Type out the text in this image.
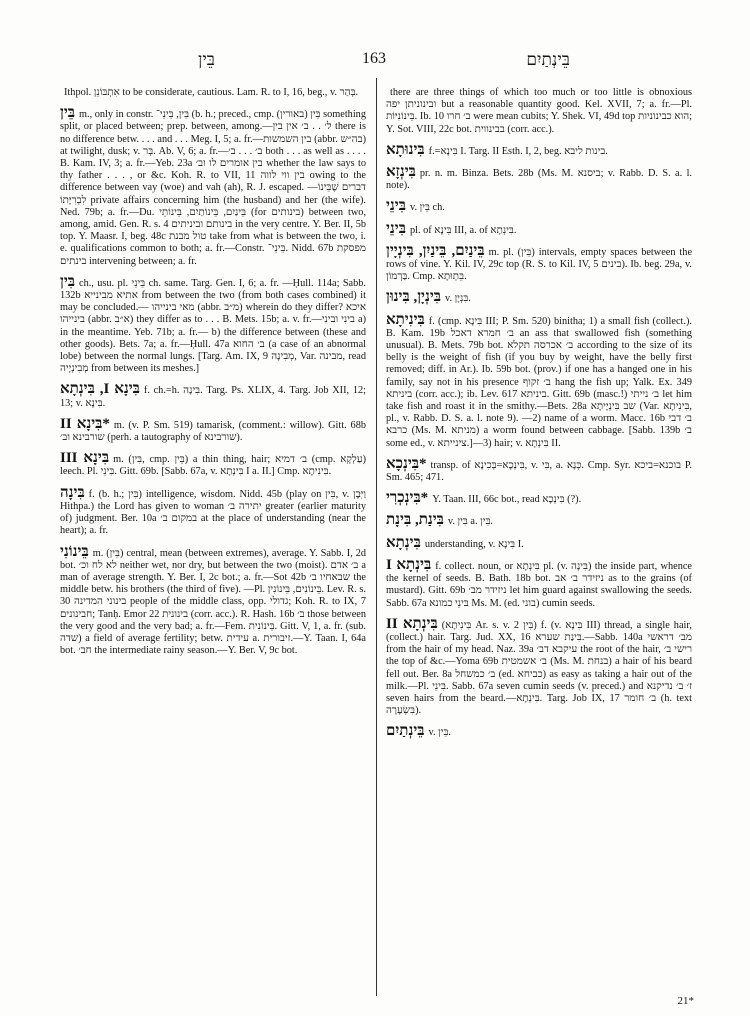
בֵּין	163	בֵּינְתַיִם

Ithpol. אִתְבּוֹנֵן to be considerate, cautious. Lam. R. to I, 16, beg., v. בְּהַר.

בֵּין m., only in constr. בֵּין, בֵּינֵי־ (b. h.; preced., cmp. בֵּין (באורין) something split, or placed between; prep. between, among.—ל׳ . . ב׳ אין בין there is no difference betw. . . . and . . . Meg. I, 5; a. fr.—בין השמשות (abbr. בה״ש) at twilight, dusk; v. בְּר. Ab. V, 6; a. fr.—ב׳ . . . ב׳ both . . . as well as . . . . B. Kam. IV, 3; a. fr.—Yeb. 23a בין אומרים לו וב׳ whether the law says to thy father . . . , or &c. Koh. R. to VII, 11 בין ווי לווה owing to the difference between vay (woe) and vah (ah), R. J. escaped. —דברים שֶׁבֵּינוֹ לִבְרִיָּתוֹ private affairs concerning him (the husband) and her (the wife). Ned. 79b; a. fr.—Du. בֵּינַיִם, בֵּינוֹתַיִם, בֵּינוֹתֵי (for בינותים) between two, among, amid. Gen. R. s. 4 בינותם וביניתים in the very centre. Y. Ber. II, 5b top. Y. Maasr. I, beg. 48c טול מבנת take from what is between the two, i. e. qualifications common to both; a. fr.—Constr. בֵּינֵי־. Nidd. 67b מפסקת בינתים intervening between; a. fr.

בִּין ch., usu. pl. בֵּינֵי ch. same. Targ. Gen. I, 6; a. fr. —Ḥull. 114a; Sabb. 132b אתיא מבינייא from between the two (from both cases combined) it may be concluded.— מאי בינייהו (abbr. מ״ב) wherein do they differ? איכא בינייהו (abbr. א״ב) they differ as to . . . B. Mets. 15b; a. v. fr.—בינִי ובינִי a) in the meantime. Yeb. 71b; a. fr.— b) the difference between (these and other goods). Bets. 7a; a. fr.—Ḥull. 47a ב׳ החוא (a case of an abnormal lobe) between the normal lungs. [Targ. Am. IX, 9 מְבִינָה, Var. מבינה, read מְבִינְיָיה from between its meshes.]

בִּינָא I, בִּינְתָא f. ch.=h. בִּינָה. Targ. Ps. XLIX, 4. Targ. Job XII, 12; 13; v. בִּינָא.

*בִּינָא II m. (v. P. Sm. 519) tamarisk, (comment.: willow). Gitt. 68b שורבינא וב׳ (perh. a tautography of שורבינא).

בִּינָא III m. (בִּין, cmp. בֵּין) a thin thing, hair; ב׳ דמיא (cmp. עַלְקָא) leech. Pl. בִּינֵי. Gitt. 69b. [Sabb. 67a, v. בִּינְתָא I a. II.] Cmp. בִּינִיתָא.

בִּינָה f. (b. h.; בִּין) intelligence, wisdom. Nidd. 45b (play on בִּין, v. וַיִּבֶן Hithpa.) the Lord has given to woman יתירה ב׳ greater (earlier maturity of) judgment. Ber. 10a במקום ב׳ at the place of understanding (near the heart); a. fr.

בֵּינוֹנִי m. (בֵּין) central, mean (between extremes), average. Y. Sabb. I, 2d bot. לא לח וכ׳ neither wet, nor dry, but between the two (moist). ב׳ אדם a man of average strength. Y. Ber. I, 2c bot.; a. fr.—Sot 42b שבאחיו ב׳ the middle betw. his brothers (the third of five). —Pl. בֵּינוֹנִים, בֵּינוֹנִין. Lev. R. s. 30 בינוני המדינה people of the middle class, opp. גדולי; Koh. R. to IX, 7 חבינונים; Tanḥ. Emor 22 בינונית (corr. acc.). R. Hash. 16b ב׳ those between the very good and the very bad; a. fr.—Fem. בֵּינוֹנִית. Gitt. V, 1, a. fr. (sub. שדה) a field of average fertility; betw. עידית a. זיבורית.—Y. Taan. I, 64a bot. חב׳ the intermediate rainy season.—Y. Ber. V, 9c bot.

there are three things of which too much or too little is obnoxious ובינוניתן יפה but a reasonable quantity good. Kel. XVII, 7; a. fr.—Pl. בֵּינוֹנִיּוֹת. Ib. 10 ב׳ חרו were mean cubits; Y. Shek. VI, 49d top הוא כבינוניות; Y. Sot. VIII, 22c bot. בבינווית (corr. acc.).

בִּינוּתָא f.=בִּינָא I. Targ. II Esth. I, 2, beg. בינות ליבא.

בִּינְזָא pr. n. m. Binza. Bets. 28b (Ms. M. ביסנא; v. Rabb. D. S. a. l. note).

בִּינֵי v. בֵּין ch.

בִּינֵי pl. of בִּינָא III, a. of בִּינְתָא.

בֵּינַיִם, בֵּינַיִן, בִּינְיָין m. pl. (בֵּין) intervals, empty spaces between the rows of vine. Y. Kil. IV, 29c top (R. S. to Kil. IV, 5 בינים). Ib. beg. 29a, v. בַּרְמוֹן. Cmp. בֵּתְוּתָא.

בִּינְיָן, בִּינוּן v. בִּנְיָן.

בִּינִיתָא f. (cmp. בִּינָא III; P. Sm. 520) binitha; 1) a small fish (collect.). B. Kam. 19b ב׳ חמרא דאכל an ass that swallowed fish (something unusual). B. Mets. 79b bot. ב׳ אכרסה תקלא according to the size of its belly is the weight of fish (if you buy by weight, have the belly first removed; diff. in Ar.). Ib. 59b bot. (prov.) if one has a hanged one in his family, say not in his presence ב׳ זקוף hang the fish up; Yalk. Ex. 349 ביניתא (corr. acc.); ib. Lev. 617 ביניתא. Gitt. 69b (masc.!) ב׳ נייתי let him take fish and roast it in the smithy.—Bets. 28a שב בִּינְיָיתָא (Var. בִּינִיתָא, pl., v. Rabb. D. S. a. l. note 9). —2) name of a worm. Macc. 16b ב׳ דבי כרבא (Ms. M. מניתא) a worm found between cabbage. [Sabb. 139b ב׳ some ed., v. צינייתא.]—3) hair; v. בִּינְתָא II.

*בִּינְכָא transp. of בִּינְכָא=בְּכִינָא, v. בִּי, a. כְּנָא. Cmp. Syr. בוכנא=ביכא P. Sm. 465; 471.

*בִּינְכְרִי Y. Taan. III, 66c bot., read בִּינְכָא (?).

בִּינַת, בִּינָת v. בִּין a. בֵּין.

בִּינְתָא understanding, v. בִּינָא I.

בִּינְתָא I f. collect. noun, or בִּינְתָא pl. (v. בִּינָה) the inside part, whence the kernel of seeds. B. Bath. 18b bot. ניזידר ב׳ אב as to the grains (of mustard). Gitt. 69b ניזידר מב׳ let him guard against swallowing the seeds. Sabb. 67a בּינֵי כמונא Ms. M. (ed. בוני) cumin seeds.

בִּינְתָא II (בִּינִיתָא Ar. s. v. בִּין 2) f. (v. בִּינָא III) thread, a single hair, (collect.) hair. Targ. Jud. XX, 16 בִּינַת שערא.—Sabb. 140a מב׳ דראשי from the hair of my head. Naz. 39a עיקבא דב׳ the root of the hair, רישי ב׳ the top of &c.—Yoma 69b ב׳ אשמטית (Ms. M. בנחת) a hair of his beard fell out. Ber. 8a ב׳ כמשחל (ed. כביחא) as easy as taking a hair out of the milk.—Pl. בִּינֵי. Sabb. 67a seven cumin seeds (v. preced.) and ז׳ ב׳ נדיקנא seven hairs from the beard.—בִּינְתָא. Targ. Job IX, 17 ב׳ חומר (h. text בִּשְׂעָרָה).

בֵּינְתַיִם v. בֵּין.

21*
